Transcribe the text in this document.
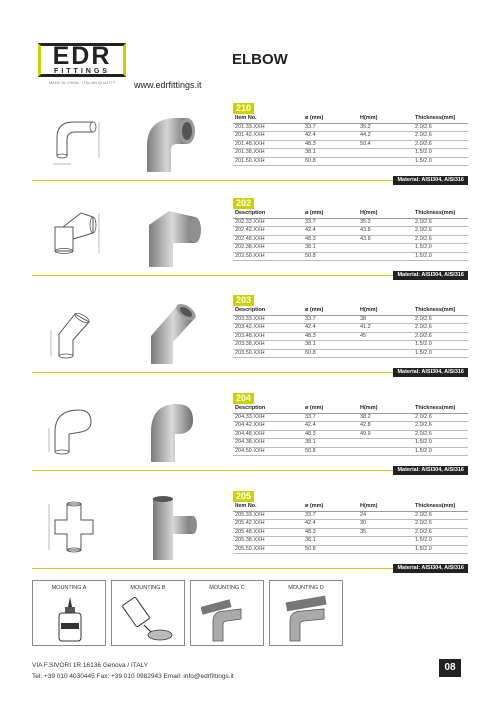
EDR
FITTINGS
MADE IN CHINA · ITALIAN QUALITY
ELBOW
www.edrfittings.it
210
Item No.	ø (mm)	H(mm)	Thickness(mm)
201.33.XXH	33.7	35.2	2.0/2.6
201.42.XXH	42.4	44.2	2.0/2.6
201.48.XXH	48.3	50.4	2.0/2.6
201.38.XXH	38.1		1.5/2.0
201.50.XXH	50.8		1.5/2.0
Material: AISI304, AISI316
202
Description	ø (mm)	H(mm)	Thickness(mm)
202.33.XXH	33.7	35.2	2.0/2.6
202.42.XXH	42.4	43.8	2.0/2.6
202.48.XXH	48.3	43.8	2.0/2.6
202.38.XXH	38.1		1.5/2.0
202.50.XXH	50.8		1.5/2.0
Material: AISI304, AISI316
203
Description	ø (mm)	H(mm)	Thickness(mm)
203.33.XXH	33.7	38	2.0/2.6
203.42.XXH	42.4	41.2	2.0/2.6
203.48.XXH	48.3	45	2.0/2.6
203.38.XXH	38.1		1.5/2.0
203.50.XXH	50.8		1.5/2.0
Material: AISI304, AISI316
204
Description	ø (mm)	H(mm)	Thickness(mm)
204.33.XXH	33.7	38.2	2.0/2.6
204.42.XXH	42.4	42.8	2.0/2.6
204.48.XXH	48.3	49.9	2.0/2.6
204.38.XXH	38.1		1.5/2.0
204.50.XXH	50.8		1.5/2.0
Material: AISI304, AISI316
205
Item No.	ø (mm)	H(mm)	Thickness(mm)
205.33.XXH	33.7	24	2.0/2.6
205.42.XXH	42.4	30	2.0/2.6
205.48.XXH	48.3	35	2.0/2.6
205.38.XXH	38.1		1.5/2.0
205.50.XXH	50.8		1.5/2.0
Material: AISI304, AISI316
MOUNTING A	MOUNTING B	MOUNTING C	MOUNTING D
VIA F.SIVORI 1R 16136 Genova / ITALY
Tel: +39 010 4030445 Fax: +39 010 0982943 Email: info@edrfittings.it
08
